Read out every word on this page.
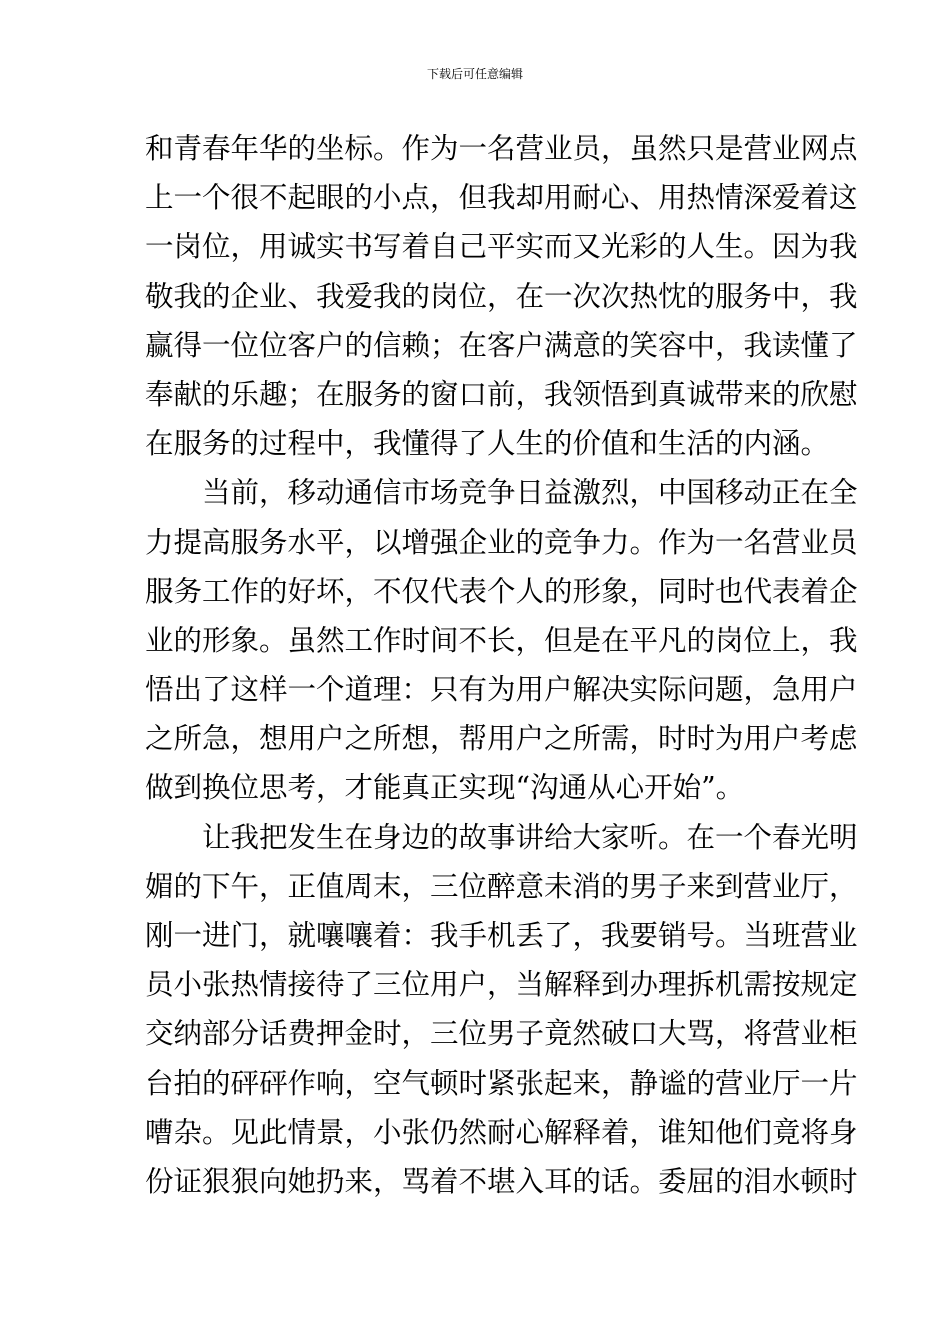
下载后可任意编辑
和青春年华的坐标。作为一名营业员，虽然只是营业网点
上一个很不起眼的小点，但我却用耐心、用热情深爱着这
一岗位，用诚实书写着自己平实而又光彩的人生。因为我
敬我的企业、我爱我的岗位，在一次次热忱的服务中，我
赢得一位位客户的信赖；在客户满意的笑容中，我读懂了
奉献的乐趣；在服务的窗口前，我领悟到真诚带来的欣慰
在服务的过程中，我懂得了人生的价值和生活的内涵。
当前，移动通信市场竞争日益激烈，中国移动正在全
力提高服务水平，以增强企业的竞争力。作为一名营业员
服务工作的好坏，不仅代表个人的形象，同时也代表着企
业的形象。虽然工作时间不长，但是在平凡的岗位上，我
悟出了这样一个道理：只有为用户解决实际问题，急用户
之所急，想用户之所想，帮用户之所需，时时为用户考虑
做到换位思考，才能真正实现“沟通从心开始”。
让我把发生在身边的故事讲给大家听。在一个春光明
媚的下午，正值周末，三位醉意未消的男子来到营业厅，
刚一进门，就嚷嚷着：我手机丢了，我要销号。当班营业
员小张热情接待了三位用户，当解释到办理拆机需按规定
交纳部分话费押金时，三位男子竟然破口大骂，将营业柜
台拍的砰砰作响，空气顿时紧张起来，静谧的营业厅一片
嘈杂。见此情景，小张仍然耐心解释着，谁知他们竟将身
份证狠狠向她扔来，骂着不堪入耳的话。委屈的泪水顿时
